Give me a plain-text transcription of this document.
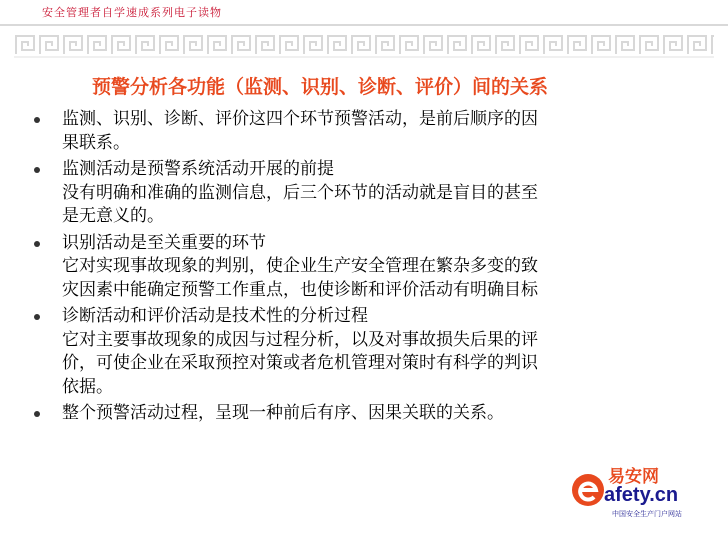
安全管理者自学速成系列电子读物
预警分析各功能（监测、识别、诊断、评价）间的关系
监测、识别、诊断、评价这四个环节预警活动，是前后顺序的因
果联系。
监测活动是预警系统活动开展的前提
没有明确和准确的监测信息，后三个环节的活动就是盲目的甚至
是无意义的。
识别活动是至关重要的环节
它对实现事故现象的判别，使企业生产安全管理在繁杂多变的致
灾因素中能确定预警工作重点，也使诊断和评价活动有明确目标
诊断活动和评价活动是技术性的分析过程
它对主要事故现象的成因与过程分析，以及对事故损失后果的评
价，可使企业在采取预控对策或者危机管理对策时有科学的判识
依据。
整个预警活动过程，呈现一种前后有序、因果关联的关系。
易安网
afety.cn
中国安全生产门户网站
